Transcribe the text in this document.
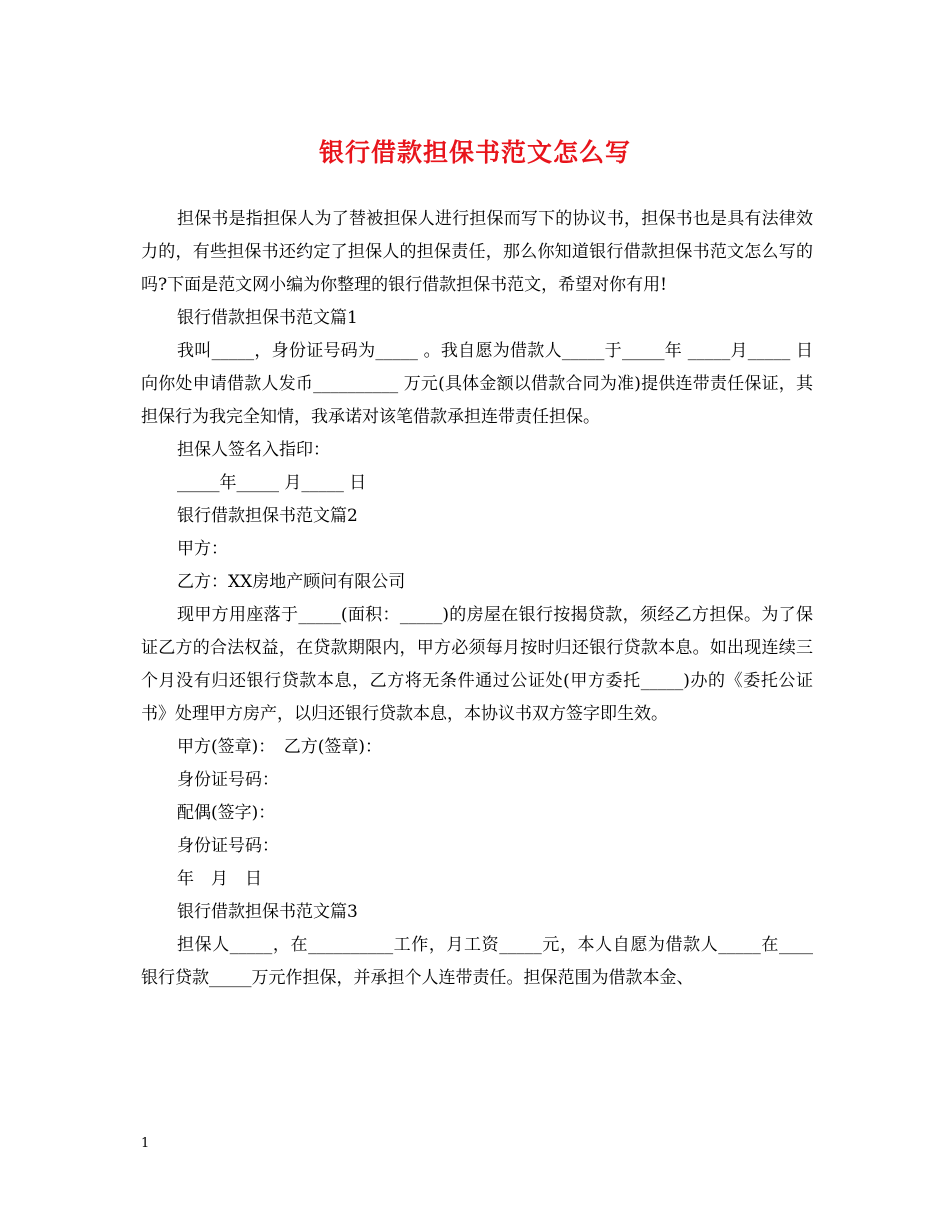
银行借款担保书范文怎么写

担保书是指担保人为了替被担保人进行担保而写下的协议书，担保书也是具有法律效力的，有些担保书还约定了担保人的担保责任，那么你知道银行借款担保书范文怎么写的吗?下面是范文网小编为你整理的银行借款担保书范文，希望对你有用!

银行借款担保书范文篇1

我叫_____，身份证号码为_____ 。我自愿为借款人_____于_____年 _____月_____ 日向你处申请借款人发币__________ 万元(具体金额以借款合同为准)提供连带责任保证，其担保行为我完全知情，我承诺对该笔借款承担连带责任担保。

担保人签名入指印：

_____年_____ 月_____ 日

银行借款担保书范文篇2

甲方：

乙方：XX房地产顾问有限公司

现甲方用座落于_____(面积：_____)的房屋在银行按揭贷款，须经乙方担保。为了保证乙方的合法权益，在贷款期限内，甲方必须每月按时归还银行贷款本息。如出现连续三个月没有归还银行贷款本息，乙方将无条件通过公证处(甲方委托_____)办的《委托公证书》处理甲方房产，以归还银行贷款本息，本协议书双方签字即生效。

甲方(签章)：　乙方(签章)：

身份证号码：

配偶(签字)：

身份证号码：

年　月　日

银行借款担保书范文篇3

担保人_____，在__________工作，月工资_____元，本人自愿为借款人_____在____银行贷款_____万元作担保，并承担个人连带责任。担保范围为借款本金、

1
